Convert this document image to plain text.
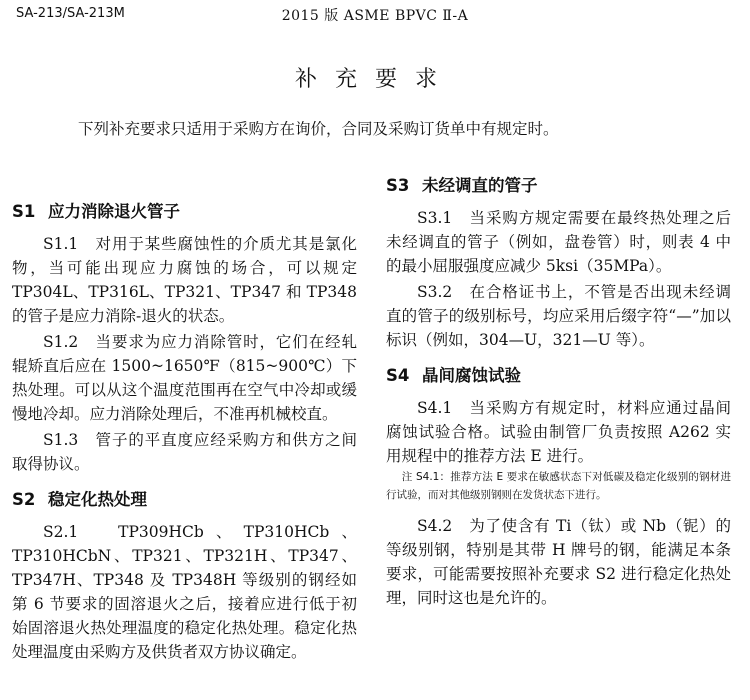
SA-213/SA-213M	2015 版 ASME BPVC Ⅱ-A
补充要求
下列补充要求只适用于采购方在询价，合同及采购订货单中有规定时。
S1 应力消除退火管子

S1.1　对用于某些腐蚀性的介质尤其是氯化物，当可能出现应力腐蚀的场合，可以规定 TP304L、TP316L、TP321、TP347 和 TP348 的管子是应力消除-退火的状态。

S1.2　当要求为应力消除管时，它们在经轧辊矫直后应在 1500~1650℉（815~900℃）下热处理。可以从这个温度范围再在空气中冷却或缓慢地冷却。应力消除处理后，不准再机械校直。

S1.3　管子的平直度应经采购方和供方之间取得协议。

S2 稳定化热处理

S2.1　TP309HCb、TP310HCb、TP310HCbN、TP321、TP321H、TP347、TP347H、TP348 及 TP348H 等级别的钢经如第 6 节要求的固溶退火之后，接着应进行低于初始固溶退火热处理温度的稳定化热处理。稳定化热处理温度由采购方及供货者双方协议确定。

S3 未经调直的管子

S3.1　当采购方规定需要在最终热处理之后未经调直的管子（例如，盘卷管）时，则表 4 中的最小屈服强度应减少 5ksi（35MPa）。

S3.2　在合格证书上，不管是否出现未经调直的管子的级别标号，均应采用后缀字符“—”加以标识（例如，304—U，321—U 等）。

S4 晶间腐蚀试验

S4.1　当采购方有规定时，材料应通过晶间腐蚀试验合格。试验由制管厂负责按照 A262 实用规程中的推荐方法 E 进行。

注 S4.1：推荐方法 E 要求在敏感状态下对低碳及稳定化级别的钢材进行试验，而对其他级别钢则在发货状态下进行。

S4.2　为了使含有 Ti（钛）或 Nb（铌）的等级别钢，特别是其带 H 牌号的钢，能满足本条要求，可能需要按照补充要求 S2 进行稳定化热处理，同时这也是允许的。
